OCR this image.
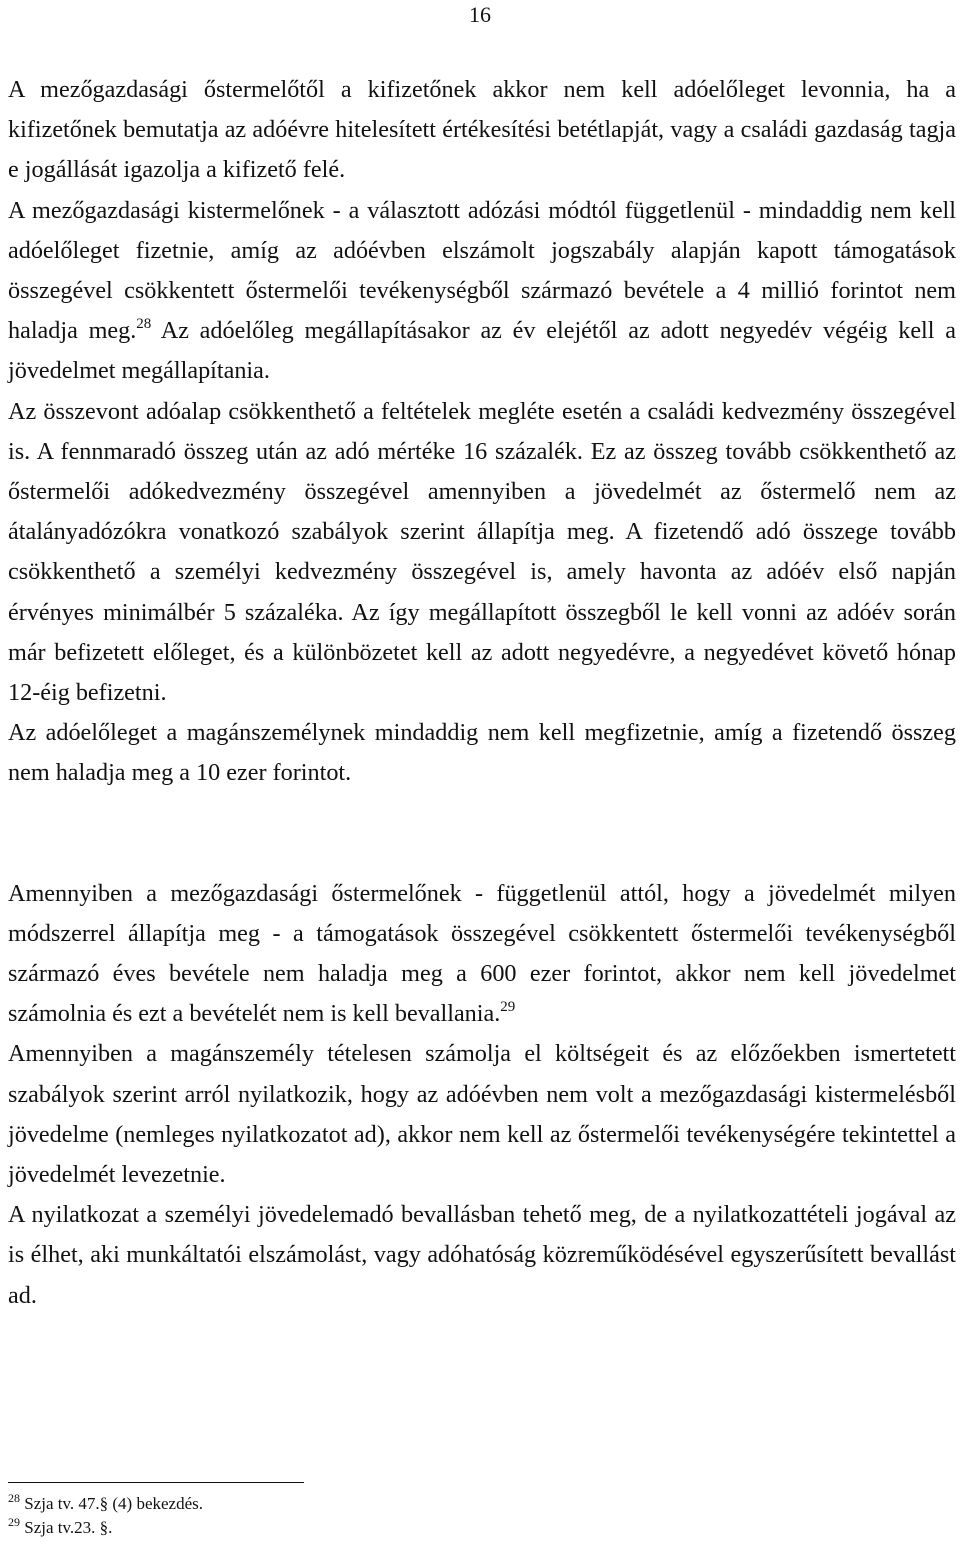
16

A mezőgazdasági őstermelőtől a kifizetőnek akkor nem kell adóelőleget levonnia, ha a kifizetőnek bemutatja az adóévre hitelesített értékesítési betétlapját, vagy a családi gazdaság tagja e jogállását igazolja a kifizető felé.

A mezőgazdasági kistermelőnek - a választott adózási módtól függetlenül - mindaddig nem kell adóelőleget fizetnie, amíg az adóévben elszámolt jogszabály alapján kapott támogatások összegével csökkentett őstermelői tevékenységből származó bevétele a 4 millió forintot nem haladja meg.$^{28}$ Az adóelőleg megállapításakor az év elejétől az adott negyedév végéig kell a jövedelmet megállapítania.

Az összevont adóalap csökkenthető a feltételek megléte esetén a családi kedvezmény összegével is. A fennmaradó összeg után az adó mértéke 16 százalék. Ez az összeg tovább csökkenthető az őstermelői adókedvezmény összegével amennyiben a jövedelmét az őstermelő nem az átalányadózókra vonatkozó szabályok szerint állapítja meg. A fizetendő adó összege tovább csökkenthető a személyi kedvezmény összegével is, amely havonta az adóév első napján érvényes minimálbér 5 százaléka. Az így megállapított összegből le kell vonni az adóév során már befizetett előleget, és a különbözetet kell az adott negyedévre, a negyedévet követő hónap 12-éig befizetni.

Az adóelőleget a magánszemélynek mindaddig nem kell megfizetnie, amíg a fizetendő összeg nem haladja meg a 10 ezer forintot.

Amennyiben a mezőgazdasági őstermelőnek - függetlenül attól, hogy a jövedelmét milyen módszerrel állapítja meg - a támogatások összegével csökkentett őstermelői tevékenységből származó éves bevétele nem haladja meg a 600 ezer forintot, akkor nem kell jövedelmet számolnia és ezt a bevételét nem is kell bevallania.$^{29}$

Amennyiben a magánszemély tételesen számolja el költségeit és az előzőekben ismertetett szabályok szerint arról nyilatkozik, hogy az adóévben nem volt a mezőgazdasági kistermelésből jövedelme (nemleges nyilatkozatot ad), akkor nem kell az őstermelői tevékenységére tekintettel a jövedelmét levezetnie.

A nyilatkozat a személyi jövedelemadó bevallásban tehető meg, de a nyilatkozattételi jogával az is élhet, aki munkáltatói elszámolást, vagy adóhatóság közreműködésével egyszerűsített bevallást ad.

$^{28}$ Szja tv. 47.§ (4) bekezdés.
$^{29}$ Szja tv.23. §.
